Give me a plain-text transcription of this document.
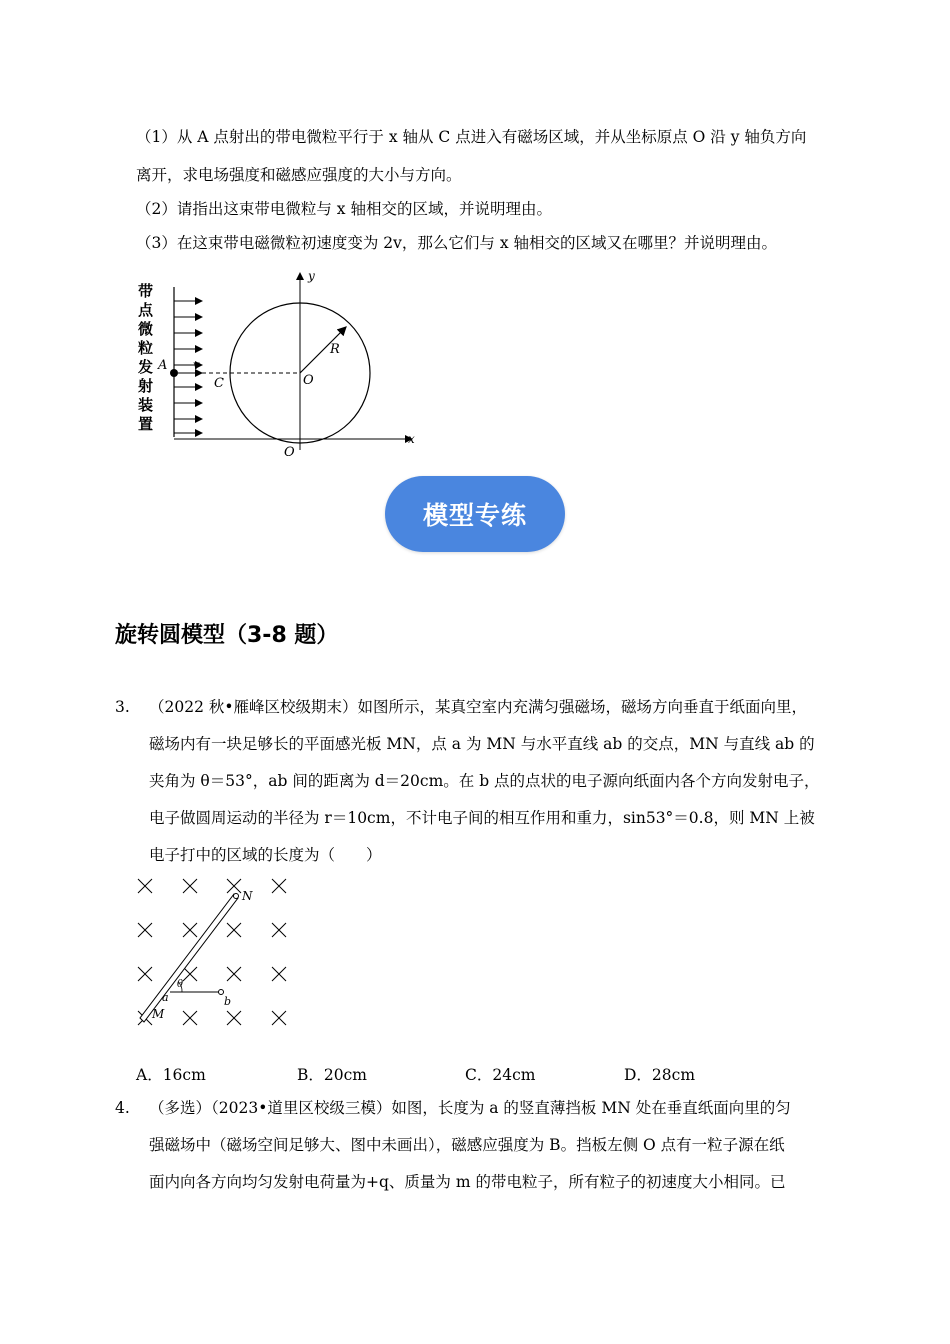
（1）从 A 点射出的带电微粒平行于 x 轴从 C 点进入有磁场区域，并从坐标原点 O 沿 y 轴负方向
离开，求电场强度和磁感应强度的大小与方向。
（2）请指出这束带电微粒与 x 轴相交的区域，并说明理由。
（3）在这束带电磁微粒初速度变为 2v，那么它们与 x 轴相交的区域又在哪里？并说明理由。
带
点
微
粒
发
射
装
置
A v
C	O
R
y
x
O
模型专练
旋转圆模型（3-8 题）
3. （2022 秋•雁峰区校级期末）如图所示，某真空室内充满匀强磁场，磁场方向垂直于纸面向里，
磁场内有一块足够长的平面感光板 MN，点 a 为 MN 与水平直线 ab 的交点，MN 与直线 ab 的
夹角为 θ＝53°，ab 间的距离为 d＝20cm。在 b 点的点状的电子源向纸面内各个方向发射电子，
电子做圆周运动的半径为 r＝10cm，不计电子间的相互作用和重力，sin53°＝0.8，则 MN 上被
电子打中的区域的长度为（　　）
N
M
a	b
θ
A．16cm	B．20cm	C．24cm	D．28cm
4. （多选）（2023•道里区校级三模）如图，长度为 a 的竖直薄挡板 MN 处在垂直纸面向里的匀
强磁场中（磁场空间足够大、图中未画出），磁感应强度为 B。挡板左侧 O 点有一粒子源在纸
面内向各方向均匀发射电荷量为+q、质量为 m 的带电粒子，所有粒子的初速度大小相同。已
